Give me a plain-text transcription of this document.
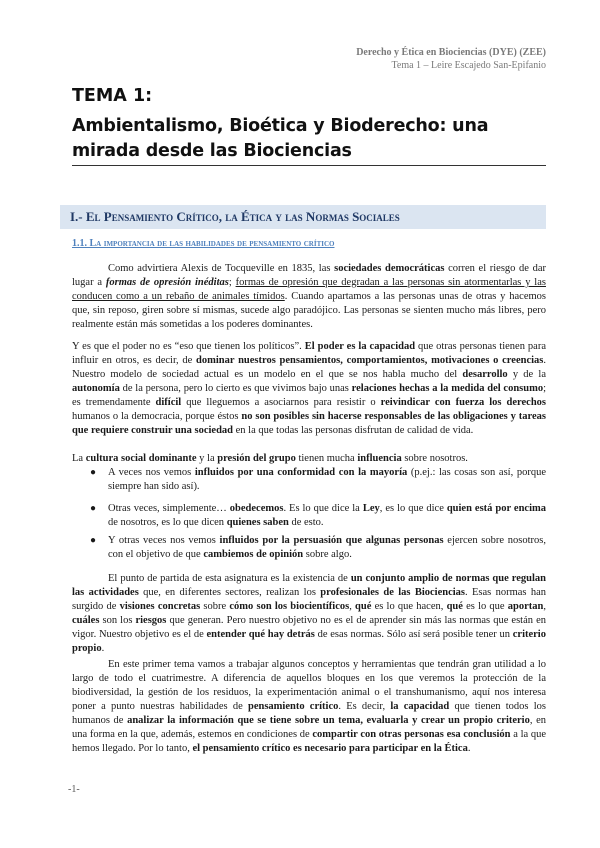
Derecho y Ética en Biociencias (DYE) (ZEE)
Tema 1 – Leire Escajedo San-Epifanio
TEMA 1:
Ambientalismo, Bioética y Bioderecho: una mirada desde las Biociencias
I.- El Pensamiento Crítico, la Ética y las Normas Sociales
1.1. La importancia de las habilidades de pensamiento crítico

Como advirtiera Alexis de Tocqueville en 1835, las sociedades democráticas corren el riesgo de dar lugar a formas de opresión inéditas; formas de opresión que degradan a las personas sin atormentarlas y las conducen como a un rebaño de animales tímidos. Cuando apartamos a las personas unas de otras y hacemos que, sin reposo, giren sobre sí mismas, sucede algo paradójico. Las personas se sienten mucho más libres, pero realmente están más sometidas a los poderes dominantes.

Y es que el poder no es “eso que tienen los políticos”. El poder es la capacidad que otras personas tienen para influir en otros, es decir, de dominar nuestros pensamientos, comportamientos, motivaciones o creencias. Nuestro modelo de sociedad actual es un modelo en el que se nos habla mucho del desarrollo y de la autonomía de la persona, pero lo cierto es que vivimos bajo unas relaciones hechas a la medida del consumo; es tremendamente difícil que lleguemos a asociarnos para resistir o reivindicar con fuerza los derechos humanos o la democracia, porque éstos no son posibles sin hacerse responsables de las obligaciones y tareas que requiere construir una sociedad en la que todas las personas disfrutan de calidad de vida.

La cultura social dominante y la presión del grupo tienen mucha influencia sobre nosotros.

● A veces nos vemos influidos por una conformidad con la mayoría (p.ej.: las cosas son así, porque siempre han sido así).
● Otras veces, simplemente… obedecemos. Es lo que dice la Ley, es lo que dice quien está por encima de nosotros, es lo que dicen quienes saben de esto.
● Y otras veces nos vemos influidos por la persuasión que algunas personas ejercen sobre nosotros, con el objetivo de que cambiemos de opinión sobre algo.

El punto de partida de esta asignatura es la existencia de un conjunto amplio de normas que regulan las actividades que, en diferentes sectores, realizan los profesionales de las Biociencias. Esas normas han surgido de visiones concretas sobre cómo son los biocientíficos, qué es lo que hacen, qué es lo que aportan, cuáles son los riesgos que generan. Pero nuestro objetivo no es el de aprender sin más las normas que están en vigor. Nuestro objetivo es el de entender qué hay detrás de esas normas. Sólo así será posible tener un criterio propio.

En este primer tema vamos a trabajar algunos conceptos y herramientas que tendrán gran utilidad a lo largo de todo el cuatrimestre. A diferencia de aquellos bloques en los que veremos la protección de la biodiversidad, la gestión de los residuos, la experimentación animal o el transhumanismo, aquí nos interesa poner a punto nuestras habilidades de pensamiento crítico. Es decir, la capacidad que tienen todos los humanos de analizar la información que se tiene sobre un tema, evaluarla y crear un propio criterio, en una forma en la que, además, estemos en condiciones de compartir con otras personas esa conclusión a la que hemos llegado. Por lo tanto, el pensamiento crítico es necesario para participar en la Ética.

-1-
